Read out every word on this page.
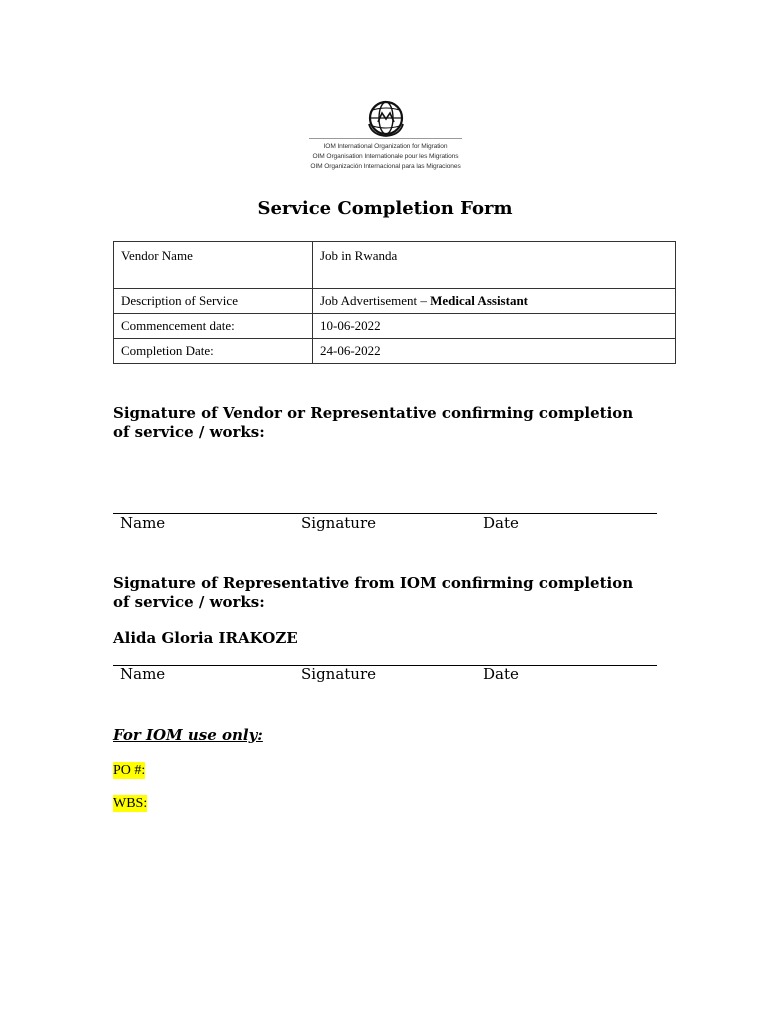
IOM International Organization for Migration
OIM Organisation Internationale pour les Migrations
OIM Organización Internacional para las Migraciones
Service Completion Form
Vendor Name	Job in Rwanda
Description of Service	Job Advertisement – Medical Assistant
Commencement date:	10-06-2022
Completion Date:	24-06-2022
Signature of Vendor or Representative confirming completion
of service / works:
Name	Signature	Date
Signature of Representative from IOM confirming completion
of service / works:
Alida Gloria IRAKOZE
Name	Signature	Date
For IOM use only:
PO #:
WBS:
